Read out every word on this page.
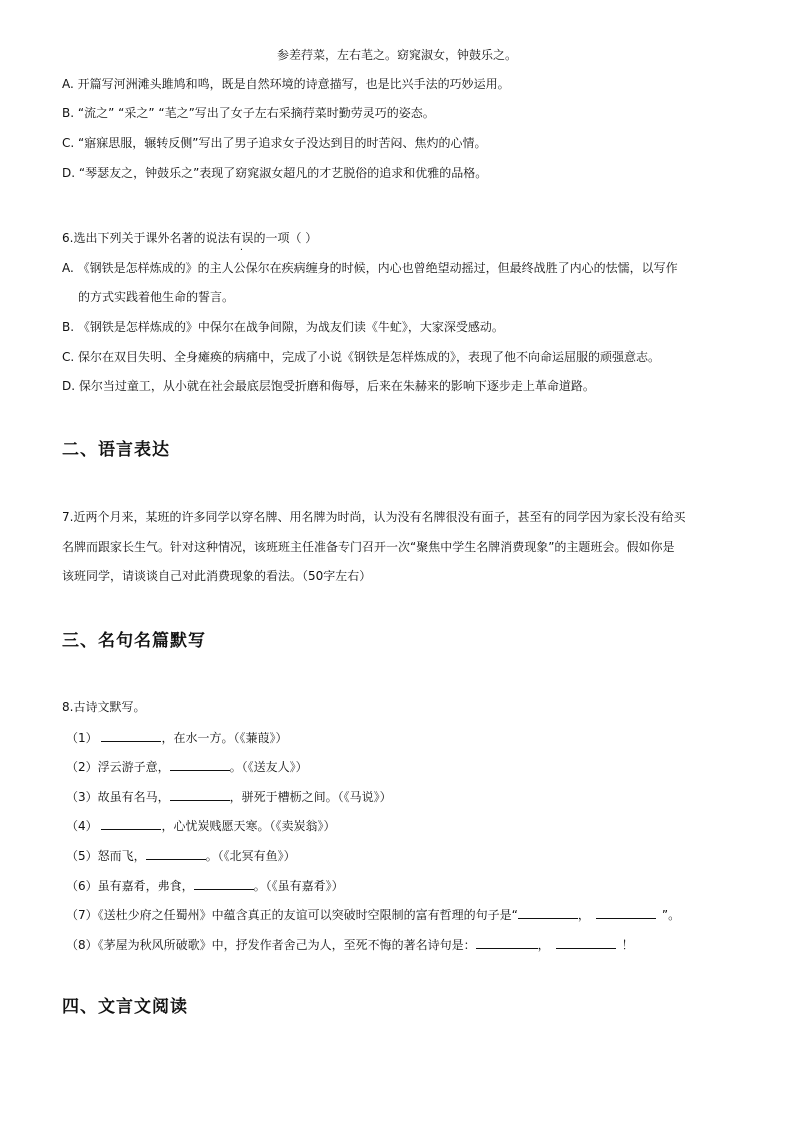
参差荇菜，左右芼之。窈窕淑女，钟鼓乐之。
A. 开篇写河洲滩头雎鸠和鸣，既是自然环境的诗意描写，也是比兴手法的巧妙运用。
B. “流之” “采之” “芼之”写出了女子左右采摘荇菜时勤劳灵巧的姿态。
C. “寤寐思服，辗转反侧”写出了男子追求女子没达到目的时苦闷、焦灼的心情。
D. “琴瑟友之，钟鼓乐之”表现了窈窕淑女超凡的才艺脱俗的追求和优雅的品格。
6.选出下列关于课外名著的说法有误的一项（ ）
A. 《钢铁是怎样炼成的》的主人公保尔在疾病缠身的时候，内心也曾绝望动摇过，但最终战胜了内心的怯懦，以写作
的方式实践着他生命的誓言。
B. 《钢铁是怎样炼成的》中保尔在战争间隙，为战友们读《牛虻》，大家深受感动。
C. 保尔在双目失明、全身瘫痪的病痛中，完成了小说《钢铁是怎样炼成的》，表现了他不向命运屈服的顽强意志。
D. 保尔当过童工，从小就在社会最底层饱受折磨和侮辱，后来在朱赫来的影响下逐步走上革命道路。
二、语言表达
7.近两个月来，某班的许多同学以穿名牌、用名牌为时尚，认为没有名牌很没有面子，甚至有的同学因为家长没有给买
名牌而跟家长生气。针对这种情况，该班班主任准备专门召开一次“聚焦中学生名牌消费现象”的主题班会。假如你是
该班同学，请谈谈自己对此消费现象的看法。（50字左右）
三、名句名篇默写
8.古诗文默写。
（1）	，在水一方。（《蒹葭》）
（2）浮云游子意，	。（《送友人》）
（3）故虽有名马，	，骈死于槽枥之间。（《马说》）
（4）	，心忧炭贱愿天寒。（《卖炭翁》）
（5）怒而飞，	。（《北冥有鱼》）
（6）虽有嘉肴，弗食，	。（《虽有嘉肴》）
（7）《送杜少府之任蜀州》中蕴含真正的友谊可以突破时空限制的富有哲理的句子是“	，	”。
（8）《茅屋为秋风所破歌》中，抒发作者舍己为人，至死不悔的著名诗句是：	，	！
四、文言文阅读
